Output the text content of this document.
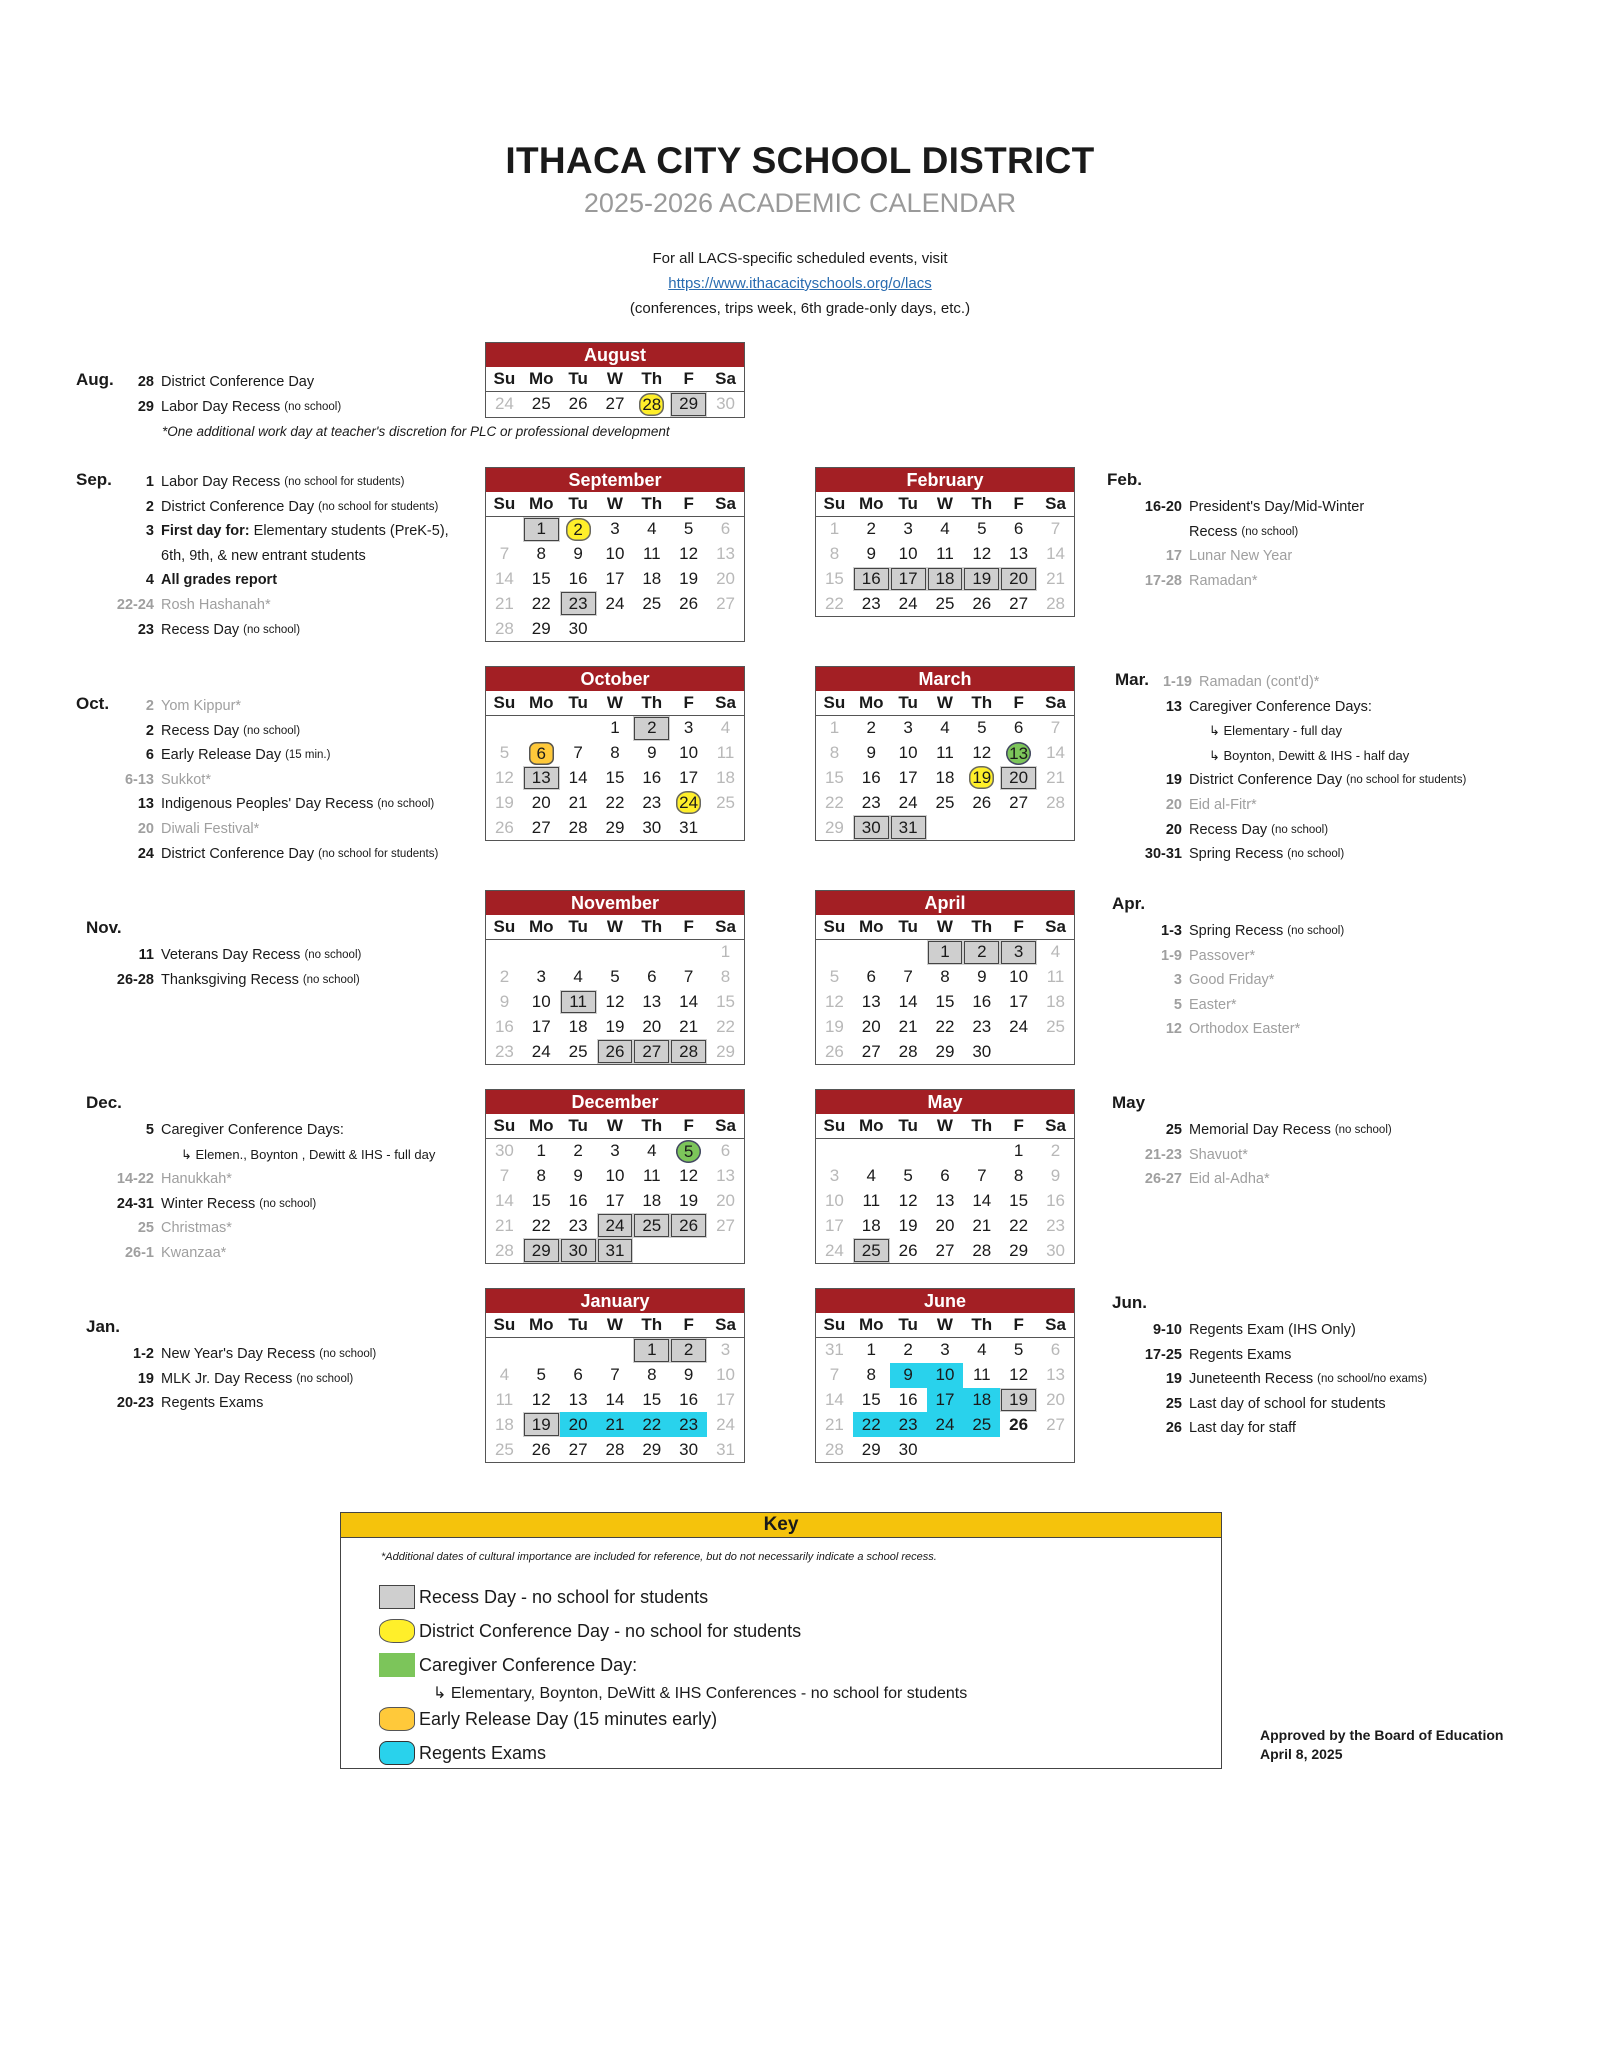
ITHACA CITY SCHOOL DISTRICT
2025-2026 ACADEMIC CALENDAR
For all LACS-specific scheduled events, visit
https://www.ithacacityschools.org/o/lacs
(conferences, trips week, 6th grade-only days, etc.)
August
Su	Mo	Tu	W	Th	F	Sa
24	25	26	27	28	29	30
September
Su	Mo	Tu	W	Th	F	Sa
	1	2	3	4	5	6
7	8	9	10	11	12	13
14	15	16	17	18	19	20
21	22	23	24	25	26	27
28	29	30				
October
Su	Mo	Tu	W	Th	F	Sa
			1	2	3	4
5	6	7	8	9	10	11
12	13	14	15	16	17	18
19	20	21	22	23	24	25
26	27	28	29	30	31	
November
Su	Mo	Tu	W	Th	F	Sa
						1
2	3	4	5	6	7	8
9	10	11	12	13	14	15
16	17	18	19	20	21	22
23	24	25	26	27	28	29
December
Su	Mo	Tu	W	Th	F	Sa
30	1	2	3	4	5	6
7	8	9	10	11	12	13
14	15	16	17	18	19	20
21	22	23	24	25	26	27
28	29	30	31			
January
Su	Mo	Tu	W	Th	F	Sa
				1	2	3
4	5	6	7	8	9	10
11	12	13	14	15	16	17
18	19	20	21	22	23	24
25	26	27	28	29	30	31
February
Su	Mo	Tu	W	Th	F	Sa
1	2	3	4	5	6	7
8	9	10	11	12	13	14
15	16	17	18	19	20	21
22	23	24	25	26	27	28
March
Su	Mo	Tu	W	Th	F	Sa
1	2	3	4	5	6	7
8	9	10	11	12	13	14
15	16	17	18	19	20	21
22	23	24	25	26	27	28
29	30	31				
April
Su	Mo	Tu	W	Th	F	Sa
			1	2	3	4
5	6	7	8	9	10	11
12	13	14	15	16	17	18
19	20	21	22	23	24	25
26	27	28	29	30		
May
Su	Mo	Tu	W	Th	F	Sa
					1	2
3	4	5	6	7	8	9
10	11	12	13	14	15	16
17	18	19	20	21	22	23
24	25	26	27	28	29	30
June
Su	Mo	Tu	W	Th	F	Sa
31	1	2	3	4	5	6
7	8	9	10	11	12	13
14	15	16	17	18	19	20
21	22	23	24	25	26	27
28	29	30				
Aug.	28 District Conference Day
29 Labor Day Recess (no school)
*One additional work day at teacher's discretion for PLC or professional development
Sep.	1 Labor Day Recess (no school for students)
2 District Conference Day (no school for students)
3 First day for: Elementary students (PreK-5),
6th, 9th, & new entrant students
4 All grades report
22-24 Rosh Hashanah*
23 Recess Day (no school)
Oct.	2 Yom Kippur*
2 Recess Day (no school)
6 Early Release Day (15 min.)
6-13 Sukkot*
13 Indigenous Peoples' Day Recess (no school)
20 Diwali Festival*
24 District Conference Day (no school for students)
Nov.
11 Veterans Day Recess (no school)
26-28 Thanksgiving Recess (no school)
Dec.
5 Caregiver Conference Days:
↳ Elemen., Boynton , Dewitt & IHS - full day
14-22 Hanukkah*
24-31 Winter Recess (no school)
25 Christmas*
26-1 Kwanzaa*
Jan.
1-2 New Year's Day Recess (no school)
19 MLK Jr. Day Recess (no school)
20-23 Regents Exams
Feb.
16-20 President's Day/Mid-Winter
Recess (no school)
17 Lunar New Year
17-28 Ramadan*
Mar. 1-19 Ramadan (cont'd)*
13 Caregiver Conference Days:
↳ Elementary - full day
↳ Boynton, Dewitt & IHS - half day
19 District Conference Day (no school for students)
20 Eid al-Fitr*
20 Recess Day (no school)
30-31 Spring Recess (no school)
Apr.
1-3 Spring Recess (no school)
1-9 Passover*
3 Good Friday*
5 Easter*
12 Orthodox Easter*
May
25 Memorial Day Recess (no school)
21-23 Shavuot*
26-27 Eid al-Adha*
Jun.
9-10 Regents Exam (IHS Only)
17-25 Regents Exams
19 Juneteenth Recess (no school/no exams)
25 Last day of school for students
26 Last day for staff
Key
*Additional dates of cultural importance are included for reference, but do not necessarily indicate a school recess.
Recess Day - no school for students
District Conference Day - no school for students
Caregiver Conference Day:
↳ Elementary, Boynton, DeWitt & IHS Conferences - no school for students
Early Release Day (15 minutes early)
Regents Exams
Approved by the Board of Education
April 8, 2025
